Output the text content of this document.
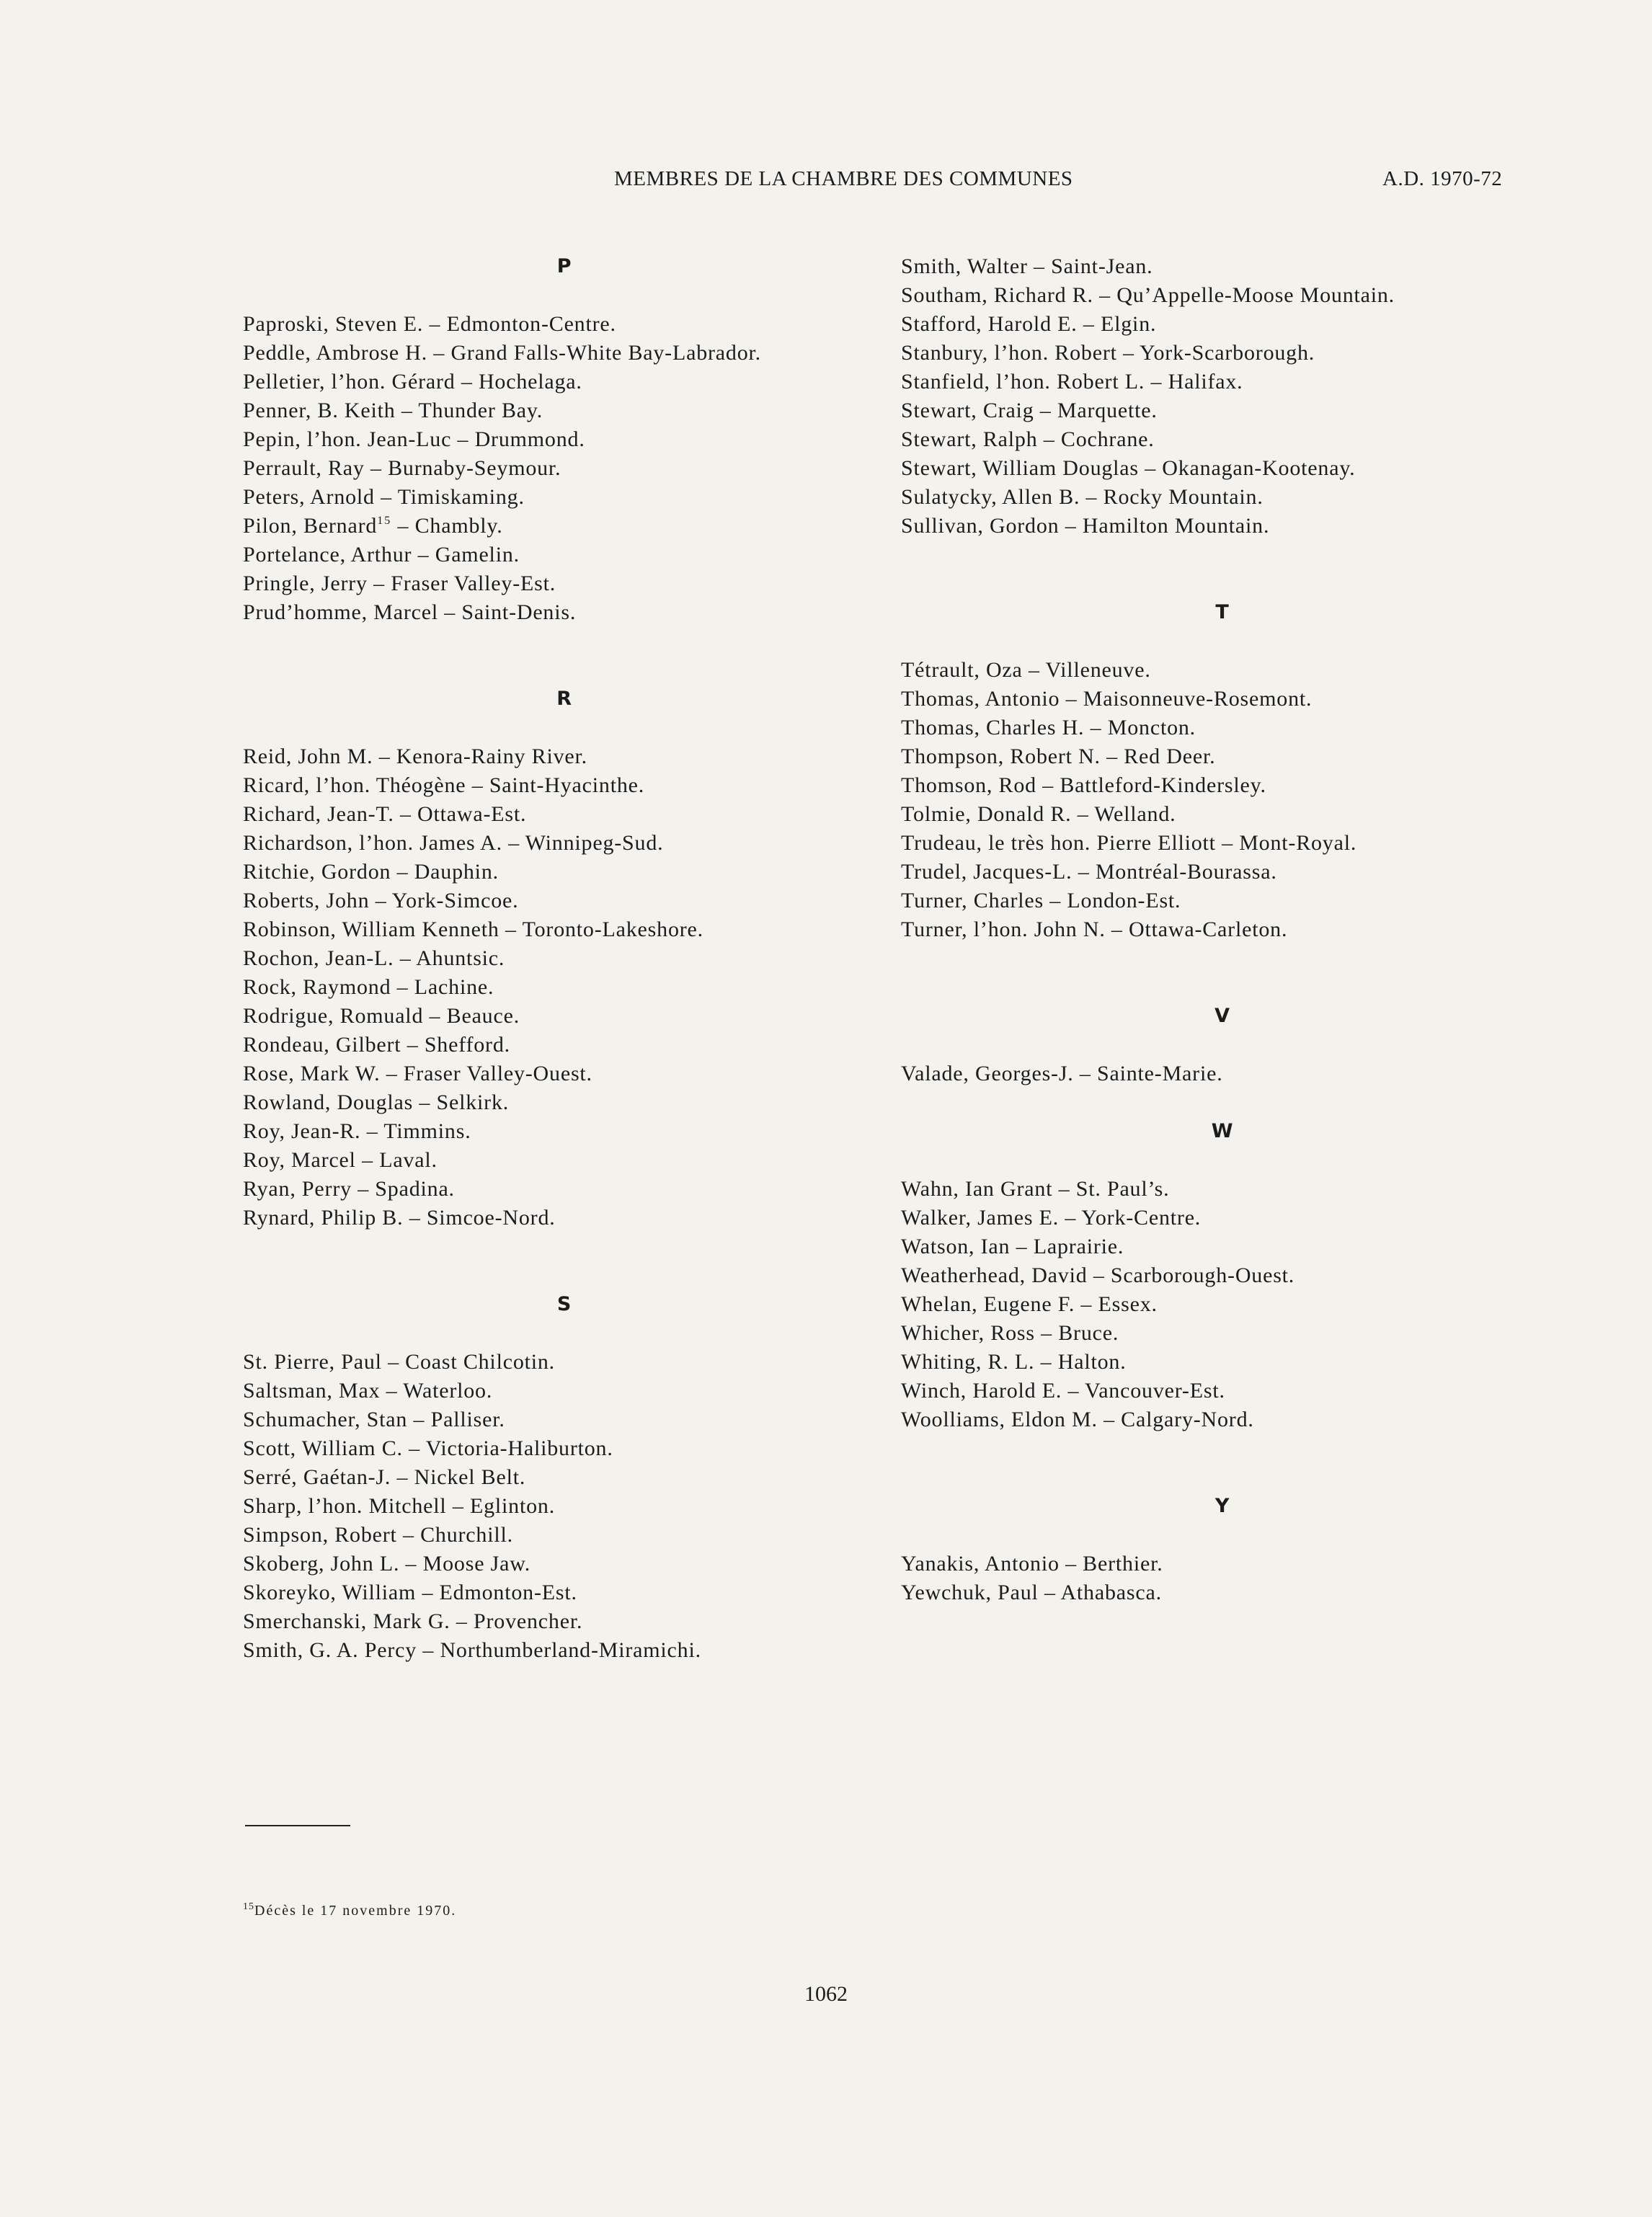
MEMBRES DE LA CHAMBRE DES COMMUNES	A.D. 1970-72
P
Paproski, Steven E. – Edmonton-Centre.
Peddle, Ambrose H. – Grand Falls-White Bay-Labrador.
Pelletier, l’hon. Gérard – Hochelaga.
Penner, B. Keith – Thunder Bay.
Pepin, l’hon. Jean-Luc – Drummond.
Perrault, Ray – Burnaby-Seymour.
Peters, Arnold – Timiskaming.
Pilon, Bernard$^{15}$ – Chambly.
Portelance, Arthur – Gamelin.
Pringle, Jerry – Fraser Valley-Est.
Prud’homme, Marcel – Saint-Denis.
R
Reid, John M. – Kenora-Rainy River.
Ricard, l’hon. Théogène – Saint-Hyacinthe.
Richard, Jean-T. – Ottawa-Est.
Richardson, l’hon. James A. – Winnipeg-Sud.
Ritchie, Gordon – Dauphin.
Roberts, John – York-Simcoe.
Robinson, William Kenneth – Toronto-Lakeshore.
Rochon, Jean-L. – Ahuntsic.
Rock, Raymond – Lachine.
Rodrigue, Romuald – Beauce.
Rondeau, Gilbert – Shefford.
Rose, Mark W. – Fraser Valley-Ouest.
Rowland, Douglas – Selkirk.
Roy, Jean-R. – Timmins.
Roy, Marcel – Laval.
Ryan, Perry – Spadina.
Rynard, Philip B. – Simcoe-Nord.
S
St. Pierre, Paul – Coast Chilcotin.
Saltsman, Max – Waterloo.
Schumacher, Stan – Palliser.
Scott, William C. – Victoria-Haliburton.
Serré, Gaétan-J. – Nickel Belt.
Sharp, l’hon. Mitchell – Eglinton.
Simpson, Robert – Churchill.
Skoberg, John L. – Moose Jaw.
Skoreyko, William – Edmonton-Est.
Smerchanski, Mark G. – Provencher.
Smith, G. A. Percy – Northumberland-Miramichi.
Smith, Walter – Saint-Jean.
Southam, Richard R. – Qu’Appelle-Moose Mountain.
Stafford, Harold E. – Elgin.
Stanbury, l’hon. Robert – York-Scarborough.
Stanfield, l’hon. Robert L. – Halifax.
Stewart, Craig – Marquette.
Stewart, Ralph – Cochrane.
Stewart, William Douglas – Okanagan-Kootenay.
Sulatycky, Allen B. – Rocky Mountain.
Sullivan, Gordon – Hamilton Mountain.
T
Tétrault, Oza – Villeneuve.
Thomas, Antonio – Maisonneuve-Rosemont.
Thomas, Charles H. – Moncton.
Thompson, Robert N. – Red Deer.
Thomson, Rod – Battleford-Kindersley.
Tolmie, Donald R. – Welland.
Trudeau, le très hon. Pierre Elliott – Mont-Royal.
Trudel, Jacques-L. – Montréal-Bourassa.
Turner, Charles – London-Est.
Turner, l’hon. John N. – Ottawa-Carleton.
V
Valade, Georges-J. – Sainte-Marie.
W
Wahn, Ian Grant – St. Paul’s.
Walker, James E. – York-Centre.
Watson, Ian – Laprairie.
Weatherhead, David – Scarborough-Ouest.
Whelan, Eugene F. – Essex.
Whicher, Ross – Bruce.
Whiting, R. L. – Halton.
Winch, Harold E. – Vancouver-Est.
Woolliams, Eldon M. – Calgary-Nord.
Y
Yanakis, Antonio – Berthier.
Yewchuk, Paul – Athabasca.
$^{15}$Décès le 17 novembre 1970.
1062
